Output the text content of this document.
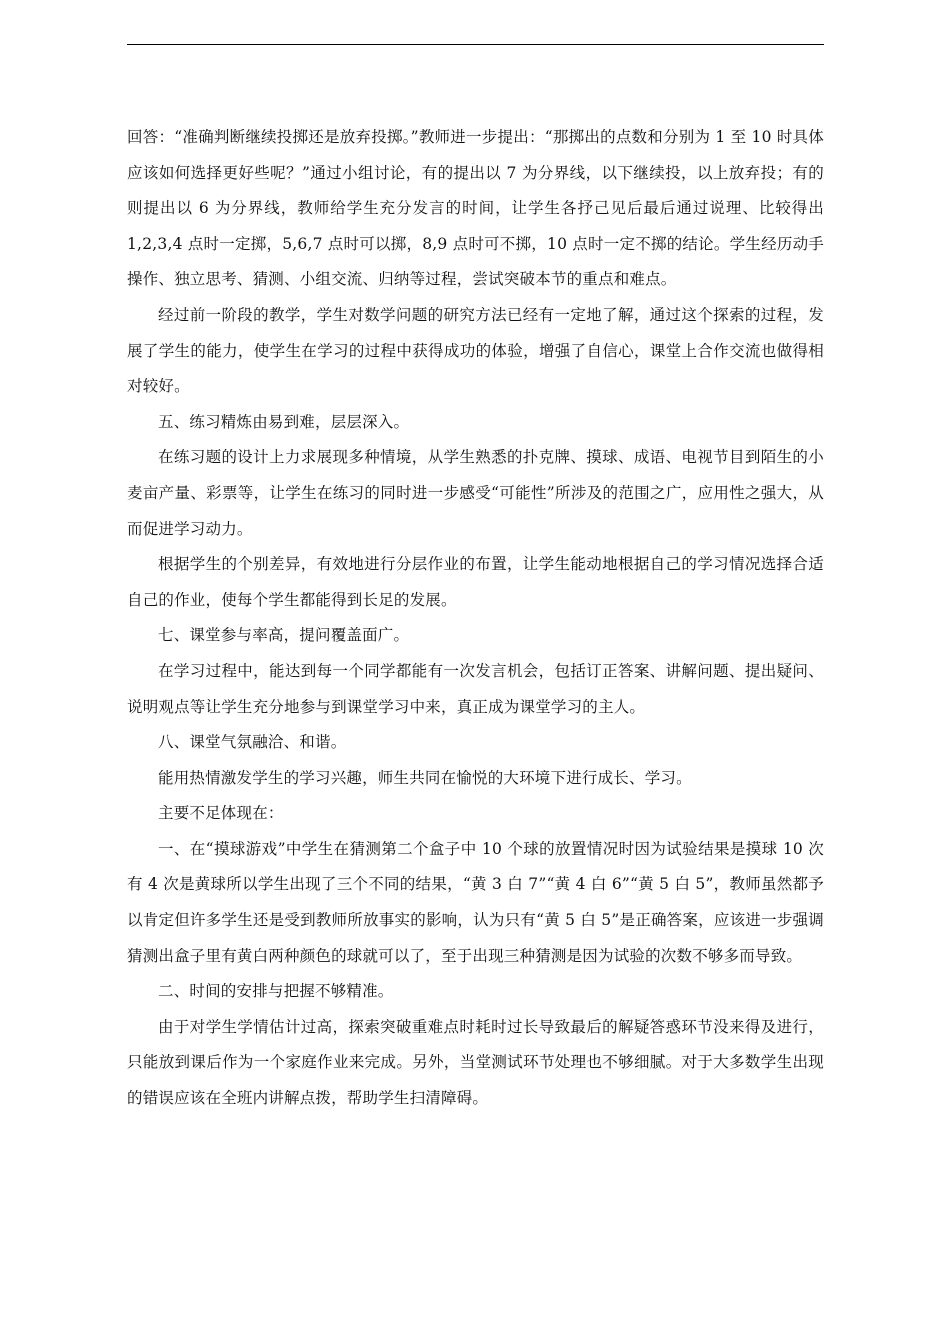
回答：“准确判断继续投掷还是放弃投掷。”教师进一步提出：“那掷出的点数和分别为 1 至 10 时具体应该如何选择更好些呢？”通过小组讨论，有的提出以 7 为分界线，以下继续投，以上放弃投；有的则提出以 6 为分界线，教师给学生充分发言的时间，让学生各抒己见后最后通过说理、比较得出 1,2,3,4 点时一定掷，5,6,7 点时可以掷，8,9 点时可不掷，10 点时一定不掷的结论。学生经历动手操作、独立思考、猜测、小组交流、归纳等过程，尝试突破本节的重点和难点。

经过前一阶段的教学，学生对数学问题的研究方法已经有一定地了解，通过这个探索的过程，发展了学生的能力，使学生在学习的过程中获得成功的体验，增强了自信心，课堂上合作交流也做得相对较好。

五、练习精炼由易到难，层层深入。

在练习题的设计上力求展现多种情境，从学生熟悉的扑克牌、摸球、成语、电视节目到陌生的小麦亩产量、彩票等，让学生在练习的同时进一步感受“可能性”所涉及的范围之广，应用性之强大，从而促进学习动力。

根据学生的个别差异，有效地进行分层作业的布置，让学生能动地根据自己的学习情况选择合适自己的作业，使每个学生都能得到长足的发展。

七、课堂参与率高，提问覆盖面广。

在学习过程中，能达到每一个同学都能有一次发言机会，包括订正答案、讲解问题、提出疑问、说明观点等让学生充分地参与到课堂学习中来，真正成为课堂学习的主人。

八、课堂气氛融洽、和谐。

能用热情激发学生的学习兴趣，师生共同在愉悦的大环境下进行成长、学习。

主要不足体现在：

一、在“摸球游戏”中学生在猜测第二个盒子中 10 个球的放置情况时因为试验结果是摸球 10 次有 4 次是黄球所以学生出现了三个不同的结果，“黄 3 白 7”“黄 4 白 6”“黄 5 白 5”，教师虽然都予以肯定但许多学生还是受到教师所放事实的影响，认为只有“黄 5 白 5”是正确答案，应该进一步强调猜测出盒子里有黄白两种颜色的球就可以了，至于出现三种猜测是因为试验的次数不够多而导致。

二、时间的安排与把握不够精准。

由于对学生学情估计过高，探索突破重难点时耗时过长导致最后的解疑答惑环节没来得及进行，只能放到课后作为一个家庭作业来完成。另外，当堂测试环节处理也不够细腻。对于大多数学生出现的错误应该在全班内讲解点拨，帮助学生扫清障碍。
